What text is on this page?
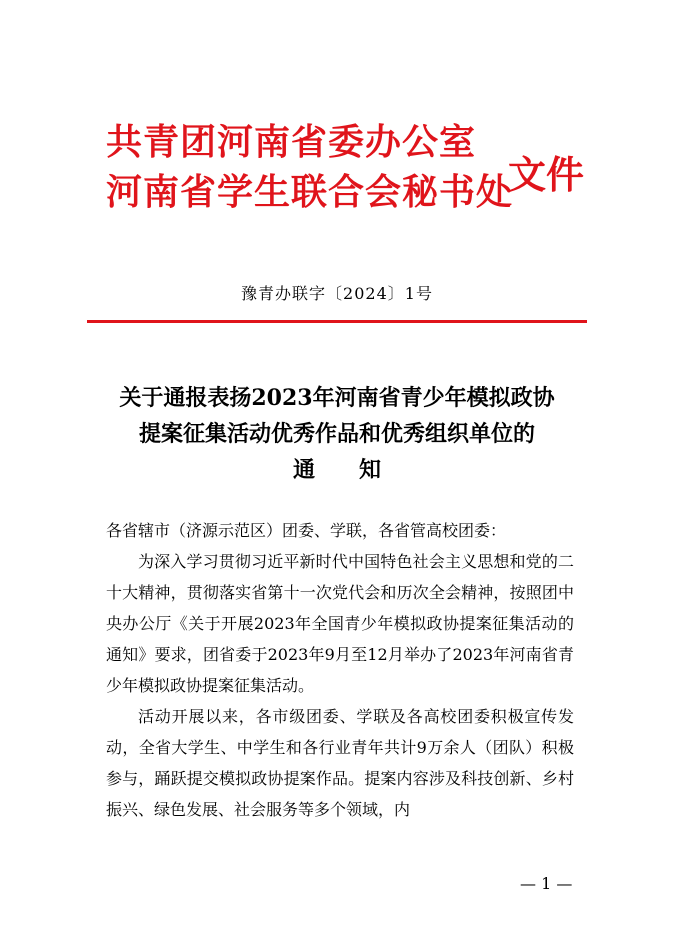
共青团河南省委办公室
河南省学生联合会秘书处
文件
豫青办联字〔2024〕1号
关于通报表扬2023年河南省青少年模拟政协
提案征集活动优秀作品和优秀组织单位的
通知

各省辖市（济源示范区）团委、学联，各省管高校团委：

为深入学习贯彻习近平新时代中国特色社会主义思想和党的二十大精神，贯彻落实省第十一次党代会和历次全会精神，按照团中央办公厅《关于开展2023年全国青少年模拟政协提案征集活动的通知》要求，团省委于2023年9月至12月举办了2023年河南省青少年模拟政协提案征集活动。

活动开展以来，各市级团委、学联及各高校团委积极宣传发动，全省大学生、中学生和各行业青年共计9万余人（团队）积极参与，踊跃提交模拟政协提案作品。提案内容涉及科技创新、乡村振兴、绿色发展、社会服务等多个领域，内

— 1 —
